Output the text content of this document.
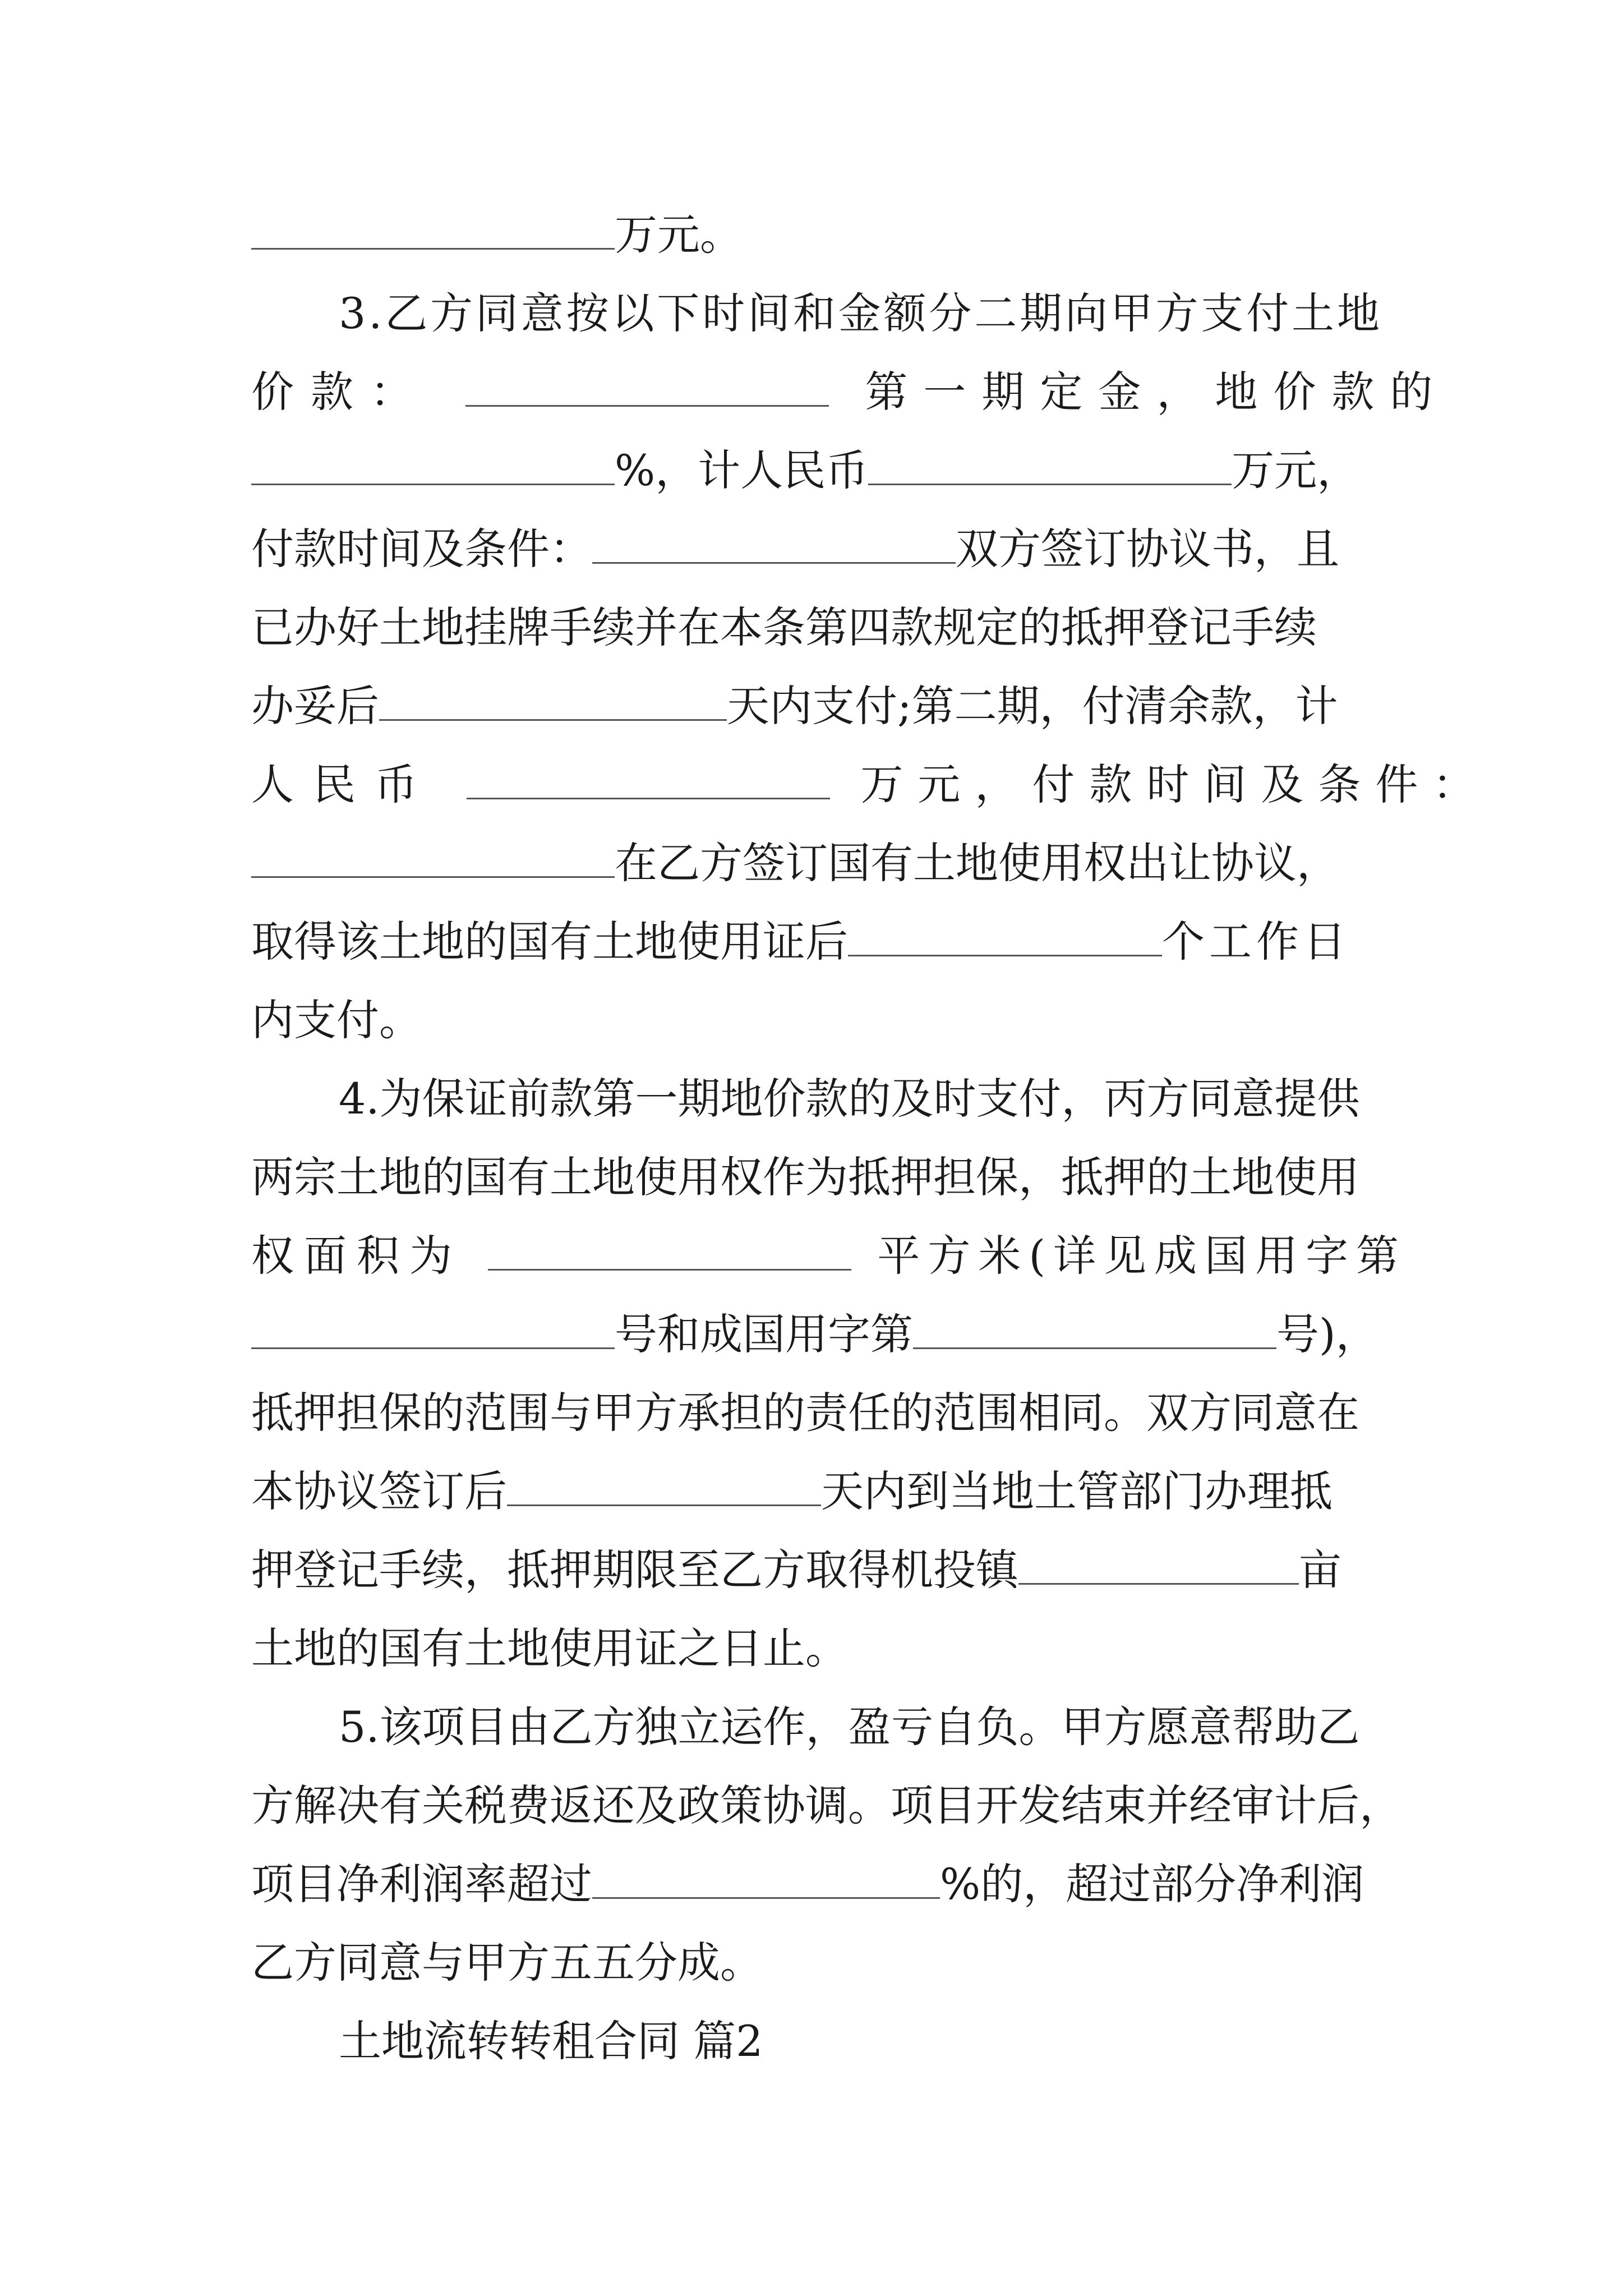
万元。
3 . 乙 方 同 意 按 以 下 时 间 和 金 额 分 二 期 向 甲 方 支 付 土 地
价款：	第一期定金，地价款的
%，计人民币	万元，
付款时间及条件：	双方签订协议书，且
已办好土地挂牌手续并在本条第四款规定的抵押登记手续
办妥后	天内支付;第二期，付清余款，计
人民币	万元，付款时间及条件：
在乙方签订国有土地使用权出让协议，
取得该土地的国有土地使用证后	个工作日
内支付。
4.为保证前款第一期地价款的及时支付，丙方同意提供
两宗土地的国有土地使用权作为抵押担保，抵押的土地使用
权面积为	平方米(详见成国用字第
号和成国用字第	号)，
抵押担保的范围与甲方承担的责任的范围相同。双方同意在
本协议签订后	天内到当地土管部门办理抵
押登记手续，抵押期限至乙方取得机投镇	亩
土地的国有土地使用证之日止。
5.该项目由乙方独立运作，盈亏自负。甲方愿意帮助乙
方解决有关税费返还及政策协调。项目开发结束并经审计后，
项目净利润率超过	%的，超过部分净利润
乙方同意与甲方五五分成。
土地流转转租合同 篇2
